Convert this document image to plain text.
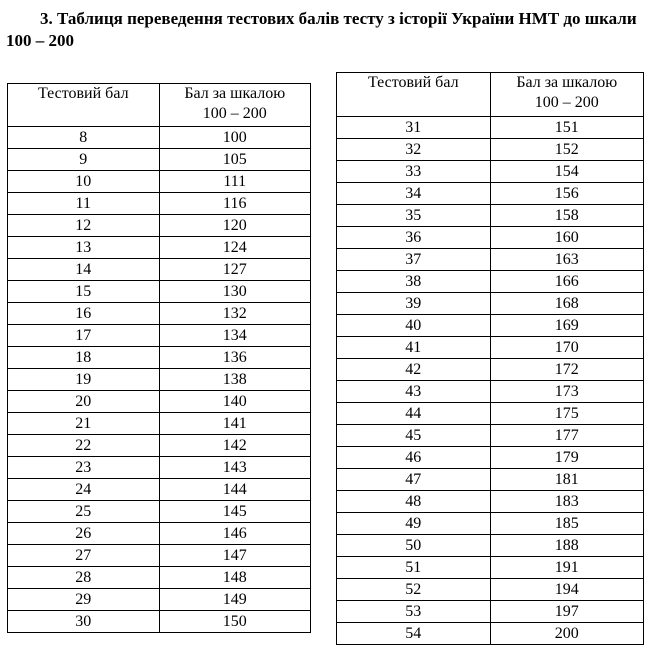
3. Таблиця переведення тестових балів тесту з історії України НМТ до шкали 100 – 200

Тестовий бал	Бал за шкалою
100 – 200
8	100
9	105
10	111
11	116
12	120
13	124
14	127
15	130
16	132
17	134
18	136
19	138
20	140
21	141
22	142
23	143
24	144
25	145
26	146
27	147
28	148
29	149
30	150
Тестовий бал	Бал за шкалою
100 – 200
31	151
32	152
33	154
34	156
35	158
36	160
37	163
38	166
39	168
40	169
41	170
42	172
43	173
44	175
45	177
46	179
47	181
48	183
49	185
50	188
51	191
52	194
53	197
54	200
